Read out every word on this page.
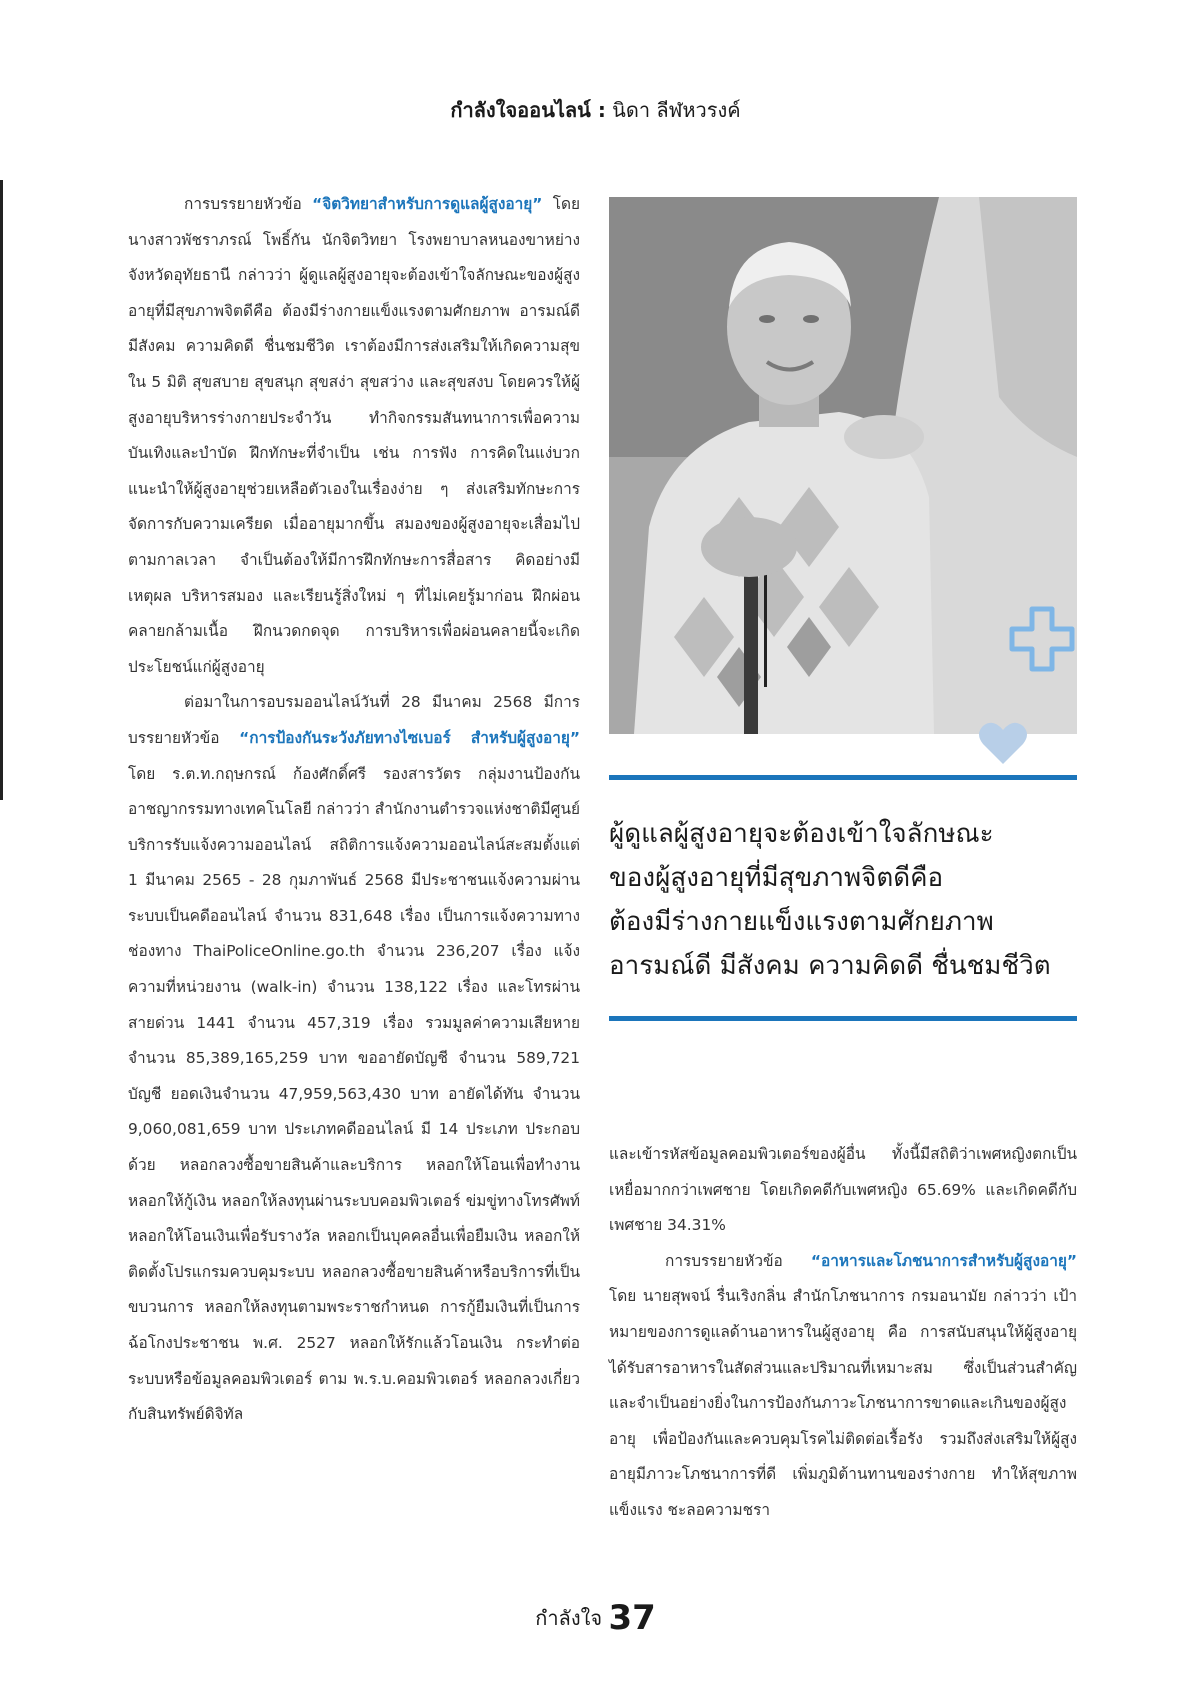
กำลังใจออนไลน์ : นิดา ลีฬหวรงค์

การบรรยายหัวข้อ “จิตวิทยาสำหรับการดูแลผู้สูงอายุ” โดย นางสาวพัชราภรณ์ โพธิ์กัน นักจิตวิทยา โรงพยาบาลหนองขาหย่าง จังหวัดอุทัยธานี กล่าวว่า ผู้ดูแลผู้สูงอายุจะต้องเข้าใจลักษณะของผู้สูงอายุที่มีสุขภาพจิตดีคือ ต้องมีร่างกายแข็งแรงตามศักยภาพ อารมณ์ดี มีสังคม ความคิดดี ชื่นชมชีวิต เราต้องมีการส่งเสริมให้เกิดความสุขใน 5 มิติ สุขสบาย สุขสนุก สุขสง่า สุขสว่าง และสุขสงบ โดยควรให้ผู้สูงอายุบริหารร่างกายประจำวัน ทำกิจกรรมสันทนาการเพื่อความบันเทิงและบำบัด ฝึกทักษะที่จำเป็น เช่น การฟัง การคิดในแง่บวก แนะนำให้ผู้สูงอายุช่วยเหลือตัวเองในเรื่องง่าย ๆ ส่งเสริมทักษะการจัดการกับความเครียด เมื่ออายุมากขึ้น สมองของผู้สูงอายุจะเสื่อมไปตามกาลเวลา จำเป็นต้องให้มีการฝึกทักษะการสื่อสาร คิดอย่างมีเหตุผล บริหารสมอง และเรียนรู้สิ่งใหม่ ๆ ที่ไม่เคยรู้มาก่อน ฝึกผ่อนคลายกล้ามเนื้อ ฝึกนวดกดจุด การบริหารเพื่อผ่อนคลายนี้จะเกิดประโยชน์แก่ผู้สูงอายุ

ต่อมาในการอบรมออนไลน์วันที่ 28 มีนาคม 2568 มีการบรรยายหัวข้อ “การป้องกันระวังภัยทางไซเบอร์ สำหรับผู้สูงอายุ” โดย ร.ต.ท.กฤษกรณ์ ก้องศักดิ์ศรี รองสารวัตร กลุ่มงานป้องกันอาชญากรรมทางเทคโนโลยี กล่าวว่า สำนักงานตำรวจแห่งชาติมีศูนย์บริการรับแจ้งความออนไลน์ สถิติการแจ้งความออนไลน์สะสมตั้งแต่ 1 มีนาคม 2565 - 28 กุมภาพันธ์ 2568 มีประชาชนแจ้งความผ่านระบบเป็นคดีออนไลน์ จำนวน 831,648 เรื่อง เป็นการแจ้งความทางช่องทาง ThaiPoliceOnline.go.th จำนวน 236,207 เรื่อง แจ้งความที่หน่วยงาน (walk-in) จำนวน 138,122 เรื่อง และโทรผ่านสายด่วน 1441 จำนวน 457,319 เรื่อง รวมมูลค่าความเสียหาย จำนวน 85,389,165,259 บาท ขออายัดบัญชี จำนวน 589,721 บัญชี ยอดเงินจำนวน 47,959,563,430 บาท อายัดได้ทัน จำนวน 9,060,081,659 บาท ประเภทคดีออนไลน์ มี 14 ประเภท ประกอบด้วย หลอกลวงซื้อขายสินค้าและบริการ หลอกให้โอนเพื่อทำงาน หลอกให้กู้เงิน หลอกให้ลงทุนผ่านระบบคอมพิวเตอร์ ข่มขู่ทางโทรศัพท์ หลอกให้โอนเงินเพื่อรับรางวัล หลอกเป็นบุคคลอื่นเพื่อยืมเงิน หลอกให้ติดตั้งโปรแกรมควบคุมระบบ หลอกลวงซื้อขายสินค้าหรือบริการที่เป็นขบวนการ หลอกให้ลงทุนตามพระราชกำหนด การกู้ยืมเงินที่เป็นการฉ้อโกงประชาชน พ.ศ. 2527 หลอกให้รักแล้วโอนเงิน กระทำต่อระบบหรือข้อมูลคอมพิวเตอร์ ตาม พ.ร.บ.คอมพิวเตอร์ หลอกลวงเกี่ยวกับสินทรัพย์ดิจิทัล

ผู้ดูแลผู้สูงอายุจะต้องเข้าใจลักษณะ

ของผู้สูงอายุที่มีสุขภาพจิตดีคือ

ต้องมีร่างกายแข็งแรงตามศักยภาพ

อารมณ์ดี มีสังคม ความคิดดี ชื่นชมชีวิต

และเข้ารหัสข้อมูลคอมพิวเตอร์ของผู้อื่น ทั้งนี้มีสถิติว่าเพศหญิงตกเป็นเหยื่อมากกว่าเพศชาย โดยเกิดคดีกับเพศหญิง 65.69% และเกิดคดีกับเพศชาย 34.31%

การบรรยายหัวข้อ “อาหารและโภชนาการสำหรับผู้สูงอายุ” โดย นายสุพจน์ รื่นเริงกลิ่น สำนักโภชนาการ กรมอนามัย กล่าวว่า เป้าหมายของการดูแลด้านอาหารในผู้สูงอายุ คือ การสนับสนุนให้ผู้สูงอายุได้รับสารอาหารในสัดส่วนและปริมาณที่เหมาะสม ซึ่งเป็นส่วนสำคัญและจำเป็นอย่างยิ่งในการป้องกันภาวะโภชนาการขาดและเกินของผู้สูงอายุ เพื่อป้องกันและควบคุมโรคไม่ติดต่อเรื้อรัง รวมถึงส่งเสริมให้ผู้สูงอายุมีภาวะโภชนาการที่ดี เพิ่มภูมิต้านทานของร่างกาย ทำให้สุขภาพแข็งแรง ชะลอความชรา

กำลังใจ 37
